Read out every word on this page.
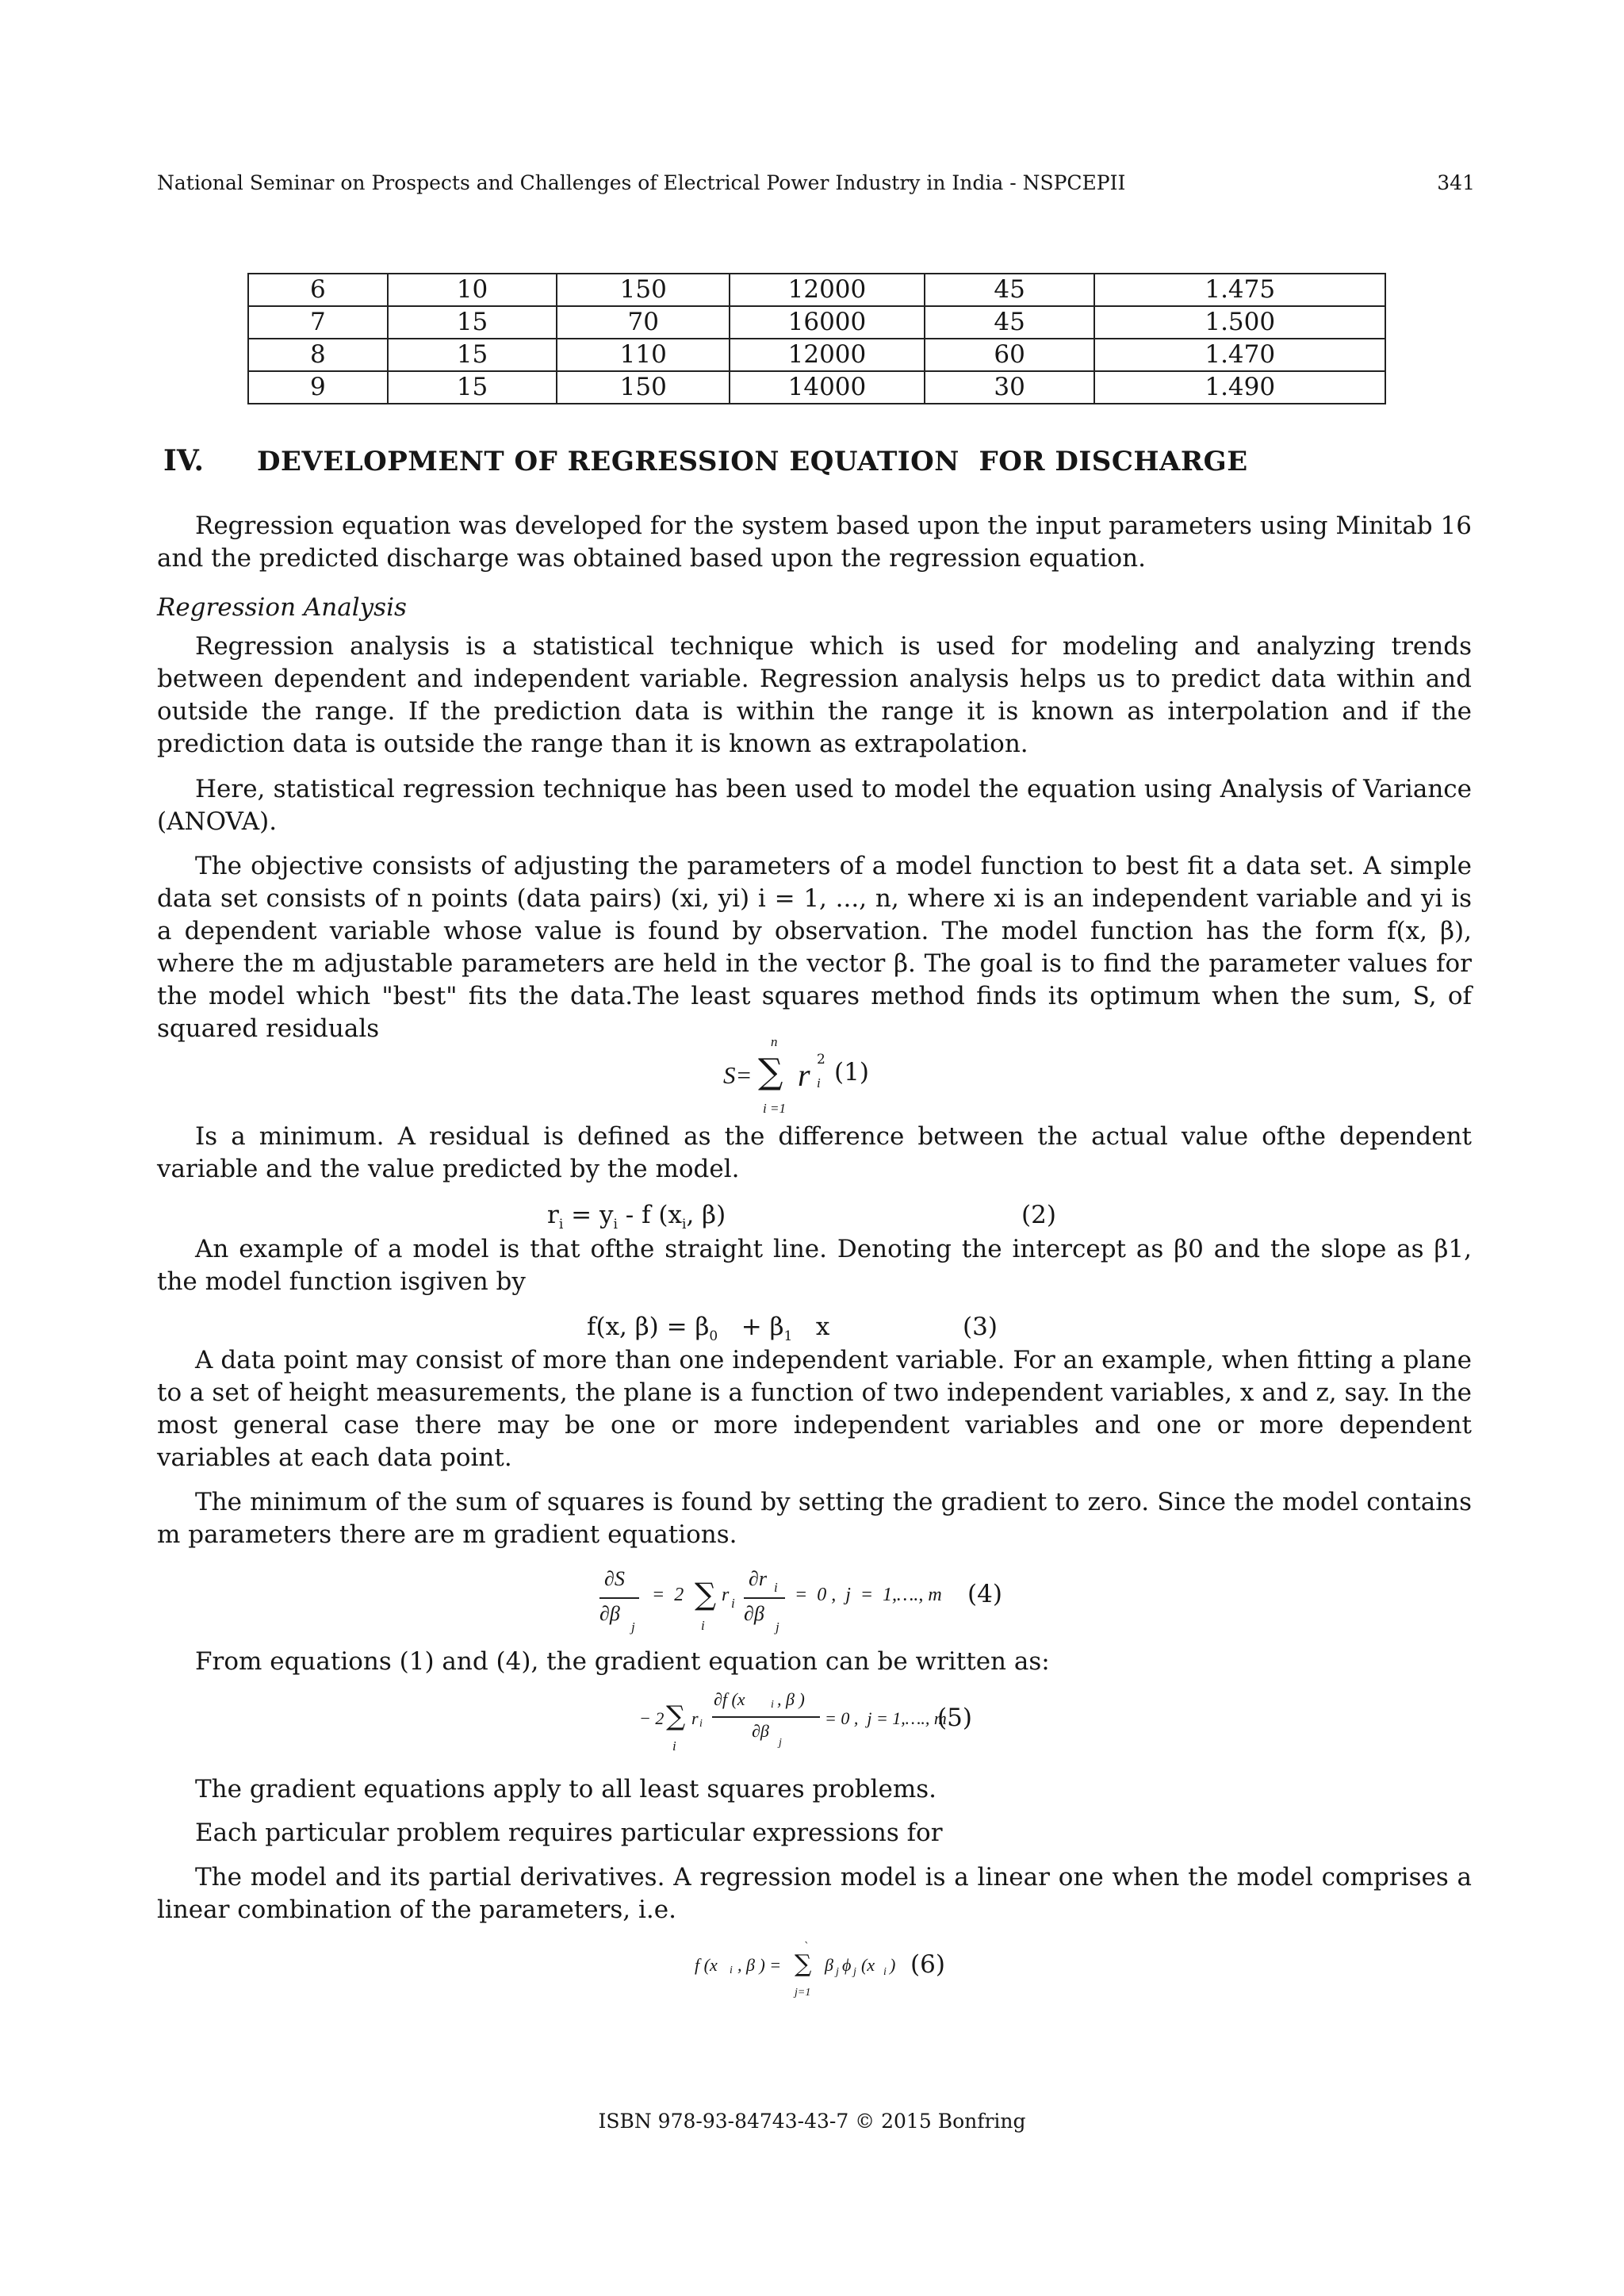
National Seminar on Prospects and Challenges of Electrical Power Industry in India - NSPCEPII	341
6	10	150	12000	45	1.475
7	15	70	16000	45	1.500
8	15	110	12000	60	1.470
9	15	150	14000	30	1.490
IV. DEVELOPMENT OF REGRESSION EQUATION  FOR DISCHARGE
Regression equation was developed for the system based upon the input parameters using Minitab 16 and the predicted discharge was obtained based upon the regression equation.
Regression Analysis
Regression analysis is a statistical technique which is used for modeling and analyzing trends between dependent and independent variable. Regression analysis helps us to predict data within and outside the range. If the prediction data is within the range it is known as interpolation and if the prediction data is outside the range than it is known as extrapolation.
Here, statistical regression technique has been used to model the equation using Analysis of Variance (ANOVA).
The objective consists of adjusting the parameters of a model function to best fit a data set. A simple data set consists of n points (data pairs) (xi, yi) i = 1, ..., n, where xi is an independent variable and yi is a dependent variable whose value is found by observation. The model function has the form f(x, β), where the m adjustable parameters are held in the vector β. The goal is to find the parameter values for the model which "best" fits the data.The least squares method finds its optimum when the sum, S, of squared residuals
S=
n
∑
i =1
r 2
i (1)
Is a minimum. A residual is defined as the difference between the actual value ofthe dependent variable and the value predicted by the model.
$r_i = y_i - f$ ($x_i$, β)	(2)
An example of a model is that ofthe straight line. Denoting the intercept as β0 and the slope as β1, the model function isgiven by
f(x, $\beta) = \beta_0 + \beta_1$   x	(3)
A data point may consist of more than one independent variable. For an example, when fitting a plane to a set of height measurements, the plane is a function of two independent variables, x and z, say. In the most general case there may be one or more independent variables and one or more dependent variables at each data point.
The minimum of the sum of squares is found by setting the gradient to zero. Since the model contains m parameters there are m gradient equations.
∂S
∂β
j
=  2 ∑
i
r i
∂r i
∂β
j
=  0 ,  j  =  1,…., m (4)
From equations (1) and (4), the gradient equation can be written as:
− 2 ∑
i
r i
∂f (x i , β )
∂β
j
= 0 ,  j = 1,…., m
(5)
The gradient equations apply to all least squares problems.
Each particular problem requires particular expressions for
The model and its partial derivatives. A regression model is a linear one when the model comprises a linear combination of the parameters, i.e.
f (x i , β ) =
`
∑
j=1
β j ϕ j (x i ) (6)
ISBN 978-93-84743-43-7 © 2015 Bonfring
